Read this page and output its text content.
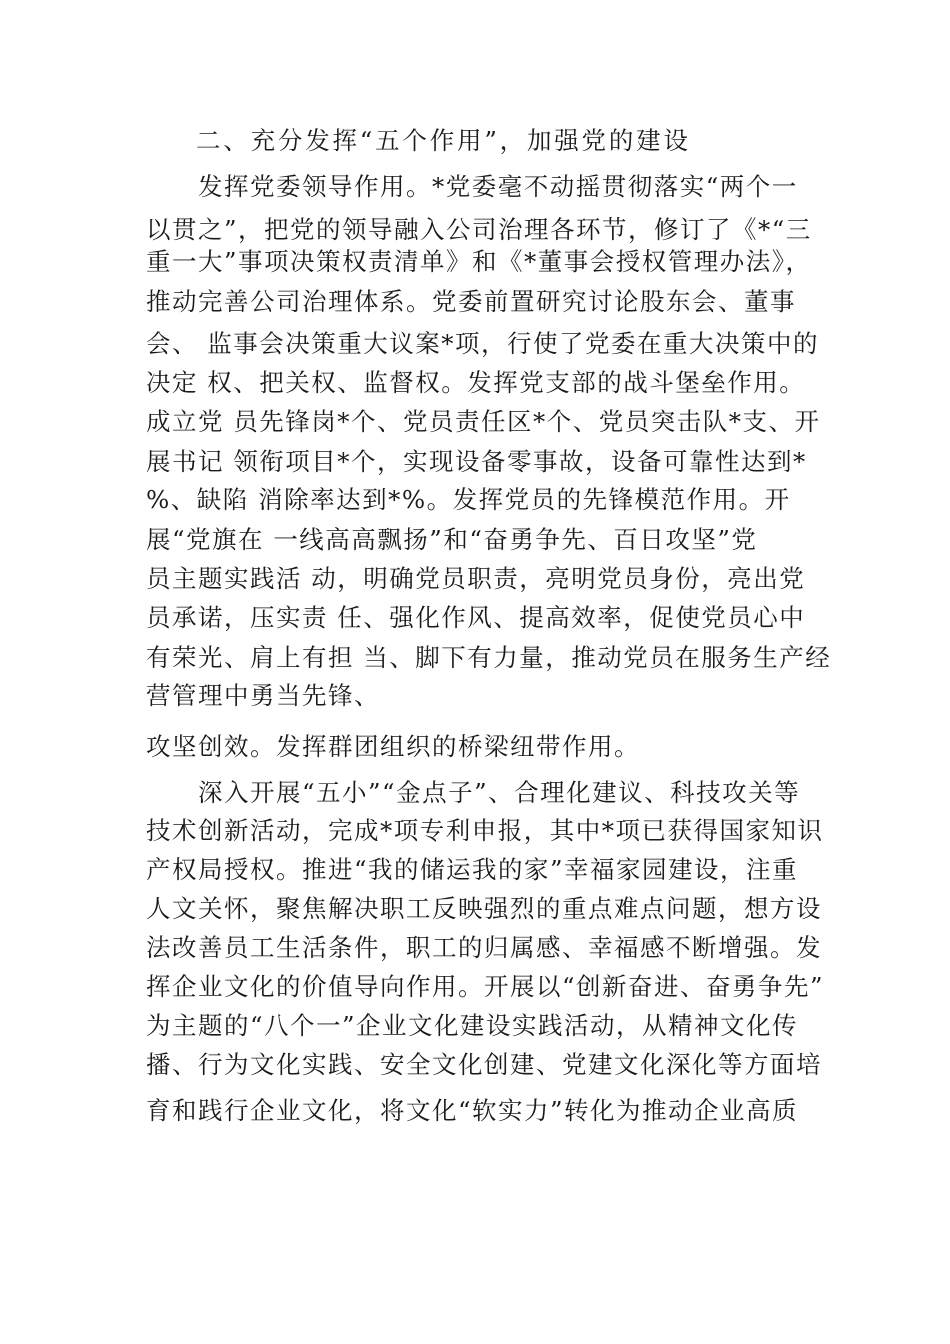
二、充分发挥“五个作用”，加强党的建设
发挥党委领导作用。*党委毫不动摇贯彻落实“两个一
以贯之”，把党的领导融入公司治理各环节，修订了《*“三
重一大”事项决策权责清单》和《*董事会授权管理办法》，
推动完善公司治理体系。党委前置研究讨论股东会、董事
会、 监事会决策重大议案*项，行使了党委在重大决策中的
决定 权、把关权、监督权。发挥党支部的战斗堡垒作用。
成立党 员先锋岗*个、党员责任区*个、党员突击队*支、开
展书记 领衔项目*个，实现设备零事故，设备可靠性达到*
%、缺陷 消除率达到*%。发挥党员的先锋模范作用。开
展“党旗在 一线高高飘扬”和“奋勇争先、百日攻坚”党
员主题实践活 动，明确党员职责，亮明党员身份，亮出党
员承诺，压实责 任、强化作风、提高效率，促使党员心中
有荣光、肩上有担 当、脚下有力量，推动党员在服务生产经
营管理中勇当先锋、
攻坚创效。发挥群团组织的桥梁纽带作用。
深入开展“五小”“金点子”、合理化建议、科技攻关等
技术创新活动，完成*项专利申报，其中*项已获得国家知识
产权局授权。推进“我的储运我的家”幸福家园建设，注重
人文关怀，聚焦解决职工反映强烈的重点难点问题，想方设
法改善员工生活条件，职工的归属感、幸福感不断增强。发
挥企业文化的价值导向作用。开展以“创新奋进、奋勇争先”
为主题的“八个一”企业文化建设实践活动，从精神文化传
播、行为文化实践、安全文化创建、党建文化深化等方面培
育和践行企业文化，将文化“软实力”转化为推动企业高质
